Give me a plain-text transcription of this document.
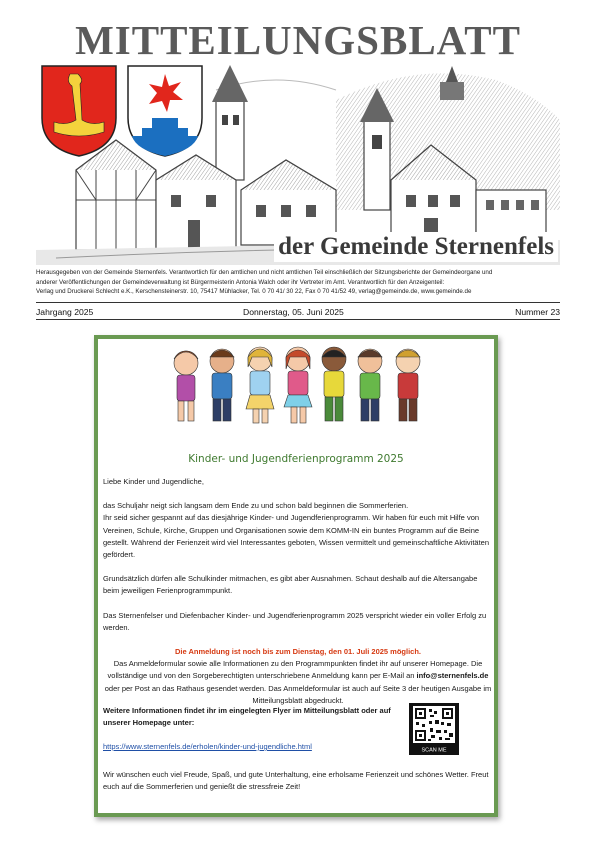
MITTEILUNGSBLATT
der Gemeinde Sternenfels
Herausgegeben von der Gemeinde Sternenfels. Verantwortlich für den amtlichen und nicht amtlichen Teil einschließlich der Sitzungsberichte der Gemeindeorgane und
anderer Veröffentlichungen der Gemeindeverwaltung ist Bürgermeisterin Antonia Walch oder ihr Vertreter im Amt. Verantwortlich für den Anzeigenteil:
Verlag und Druckerei Schlecht e.K., Kerschensteinerstr. 10, 75417 Mühlacker, Tel. 0 70 41/ 30 22, Fax 0 70 41/52 49, verlag@gemeinde.de, www.gemeinde.de
Jahrgang 2025	Donnerstag, 05. Juni 2025	Nummer 23
Kinder- und Jugendferienprogramm 2025

Liebe Kinder und Jugendliche,

das Schuljahr neigt sich langsam dem Ende zu und schon bald beginnen die Sommerferien.

Ihr seid sicher gespannt auf das diesjährige Kinder- und Jugendferienprogramm. Wir haben für euch mit Hilfe von Vereinen, Schule, Kirche, Gruppen und Organisationen sowie dem KOMM-IN ein buntes Programm auf die Beine gestellt. Während der Ferienzeit wird viel Interessantes geboten, Wissen vermittelt und gemeinschaftliche Aktivitäten gefördert.

Grundsätzlich dürfen alle Schulkinder mitmachen, es gibt aber Ausnahmen. Schaut deshalb auf die Altersangabe beim jeweiligen Ferienprogrammpunkt.

Das Sternenfelser und Diefenbacher Kinder- und Jugendferienprogramm 2025 verspricht wieder ein voller Erfolg zu werden.

Die Anmeldung ist noch bis zum Dienstag, den 01. Juli 2025 möglich.

Das Anmeldeformular sowie alle Informationen zu den Programmpunkten findet ihr auf unserer Homepage. Die vollständige und von den Sorgeberechtigten unterschriebene Anmeldung kann per E-Mail an info@sternenfels.de oder per Post an das Rathaus gesendet werden. Das Anmeldeformular ist auch auf Seite 3 der heutigen Ausgabe im Mitteilungsblatt abgedruckt.

Weitere Informationen findet ihr im eingelegten Flyer im Mitteilungsblatt oder auf unserer Homepage unter:

https://www.sternenfels.de/erholen/kinder-und-jugendliche.html	SCAN ME

Wir wünschen euch viel Freude, Spaß, und gute Unterhaltung, eine erholsame Ferienzeit und schönes Wetter. Freut euch auf die Sommerferien und genießt die stressfreie Zeit!
